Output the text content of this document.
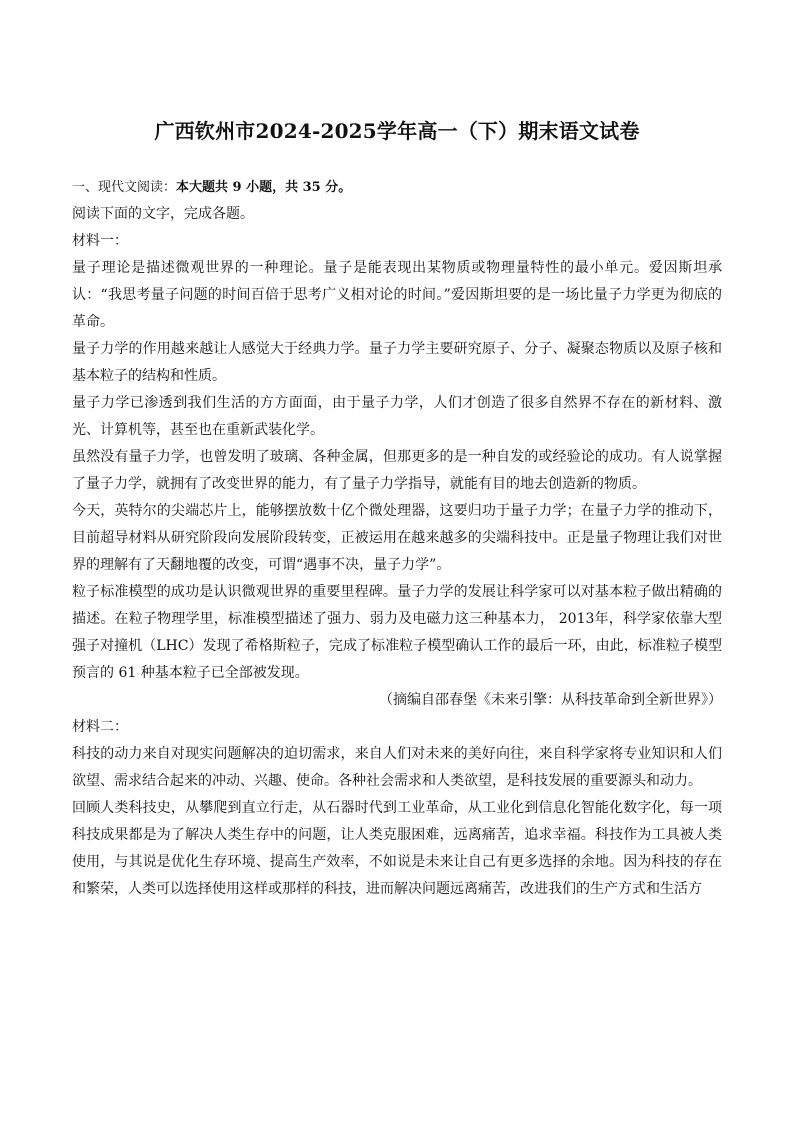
广西钦州市2024-2025学年高一（下）期末语文试卷

一、现代文阅读：本大题共 9 小题，共 35 分。

阅读下面的文字，完成各题。

材料一：

量子理论是描述微观世界的一种理论。量子是能表现出某物质或物理量特性的最小单元。爱因斯坦承认：“我思考量子问题的时间百倍于思考广义相对论的时间。”爱因斯坦要的是一场比量子力学更为彻底的革命。

量子力学的作用越来越让人感觉大于经典力学。量子力学主要研究原子、分子、凝聚态物质以及原子核和基本粒子的结构和性质。

量子力学已渗透到我们生活的方方面面，由于量子力学，人们才创造了很多自然界不存在的新材料、激光、计算机等，甚至也在重新武装化学。

虽然没有量子力学，也曾发明了玻璃、各种金属，但那更多的是一种自发的或经验论的成功。有人说掌握了量子力学，就拥有了改变世界的能力，有了量子力学指导，就能有目的地去创造新的物质。

今天，英特尔的尖端芯片上，能够摆放数十亿个微处理器，这要归功于量子力学；在量子力学的推动下，目前超导材料从研究阶段向发展阶段转变，正被运用在越来越多的尖端科技中。正是量子物理让我们对世界的理解有了天翻地覆的改变，可谓“遇事不决，量子力学”。

粒子标准模型的成功是认识微观世界的重要里程碑。量子力学的发展让科学家可以对基本粒子做出精确的描述。在粒子物理学里，标准模型描述了强力、弱力及电磁力这三种基本力， 2013年，科学家依靠大型强子对撞机（LHC）发现了希格斯粒子，完成了标准粒子模型确认工作的最后一环，由此，标准粒子模型预言的 61 种基本粒子已全部被发现。

（摘编自邵春堡《未来引擎：从科技革命到全新世界》）

材料二：

科技的动力来自对现实问题解决的迫切需求，来自人们对未来的美好向往，来自科学家将专业知识和人们欲望、需求结合起来的冲动、兴趣、使命。各种社会需求和人类欲望，是科技发展的重要源头和动力。

回顾人类科技史，从攀爬到直立行走，从石器时代到工业革命，从工业化到信息化智能化数字化，每一项科技成果都是为了解决人类生存中的问题，让人类克服困难，远离痛苦，追求幸福。科技作为工具被人类使用，与其说是优化生存环境、提高生产效率，不如说是未来让自己有更多选择的余地。因为科技的存在和繁荣，人类可以选择使用这样或那样的科技，进而解决问题远离痛苦，改进我们的生产方式和生活方
